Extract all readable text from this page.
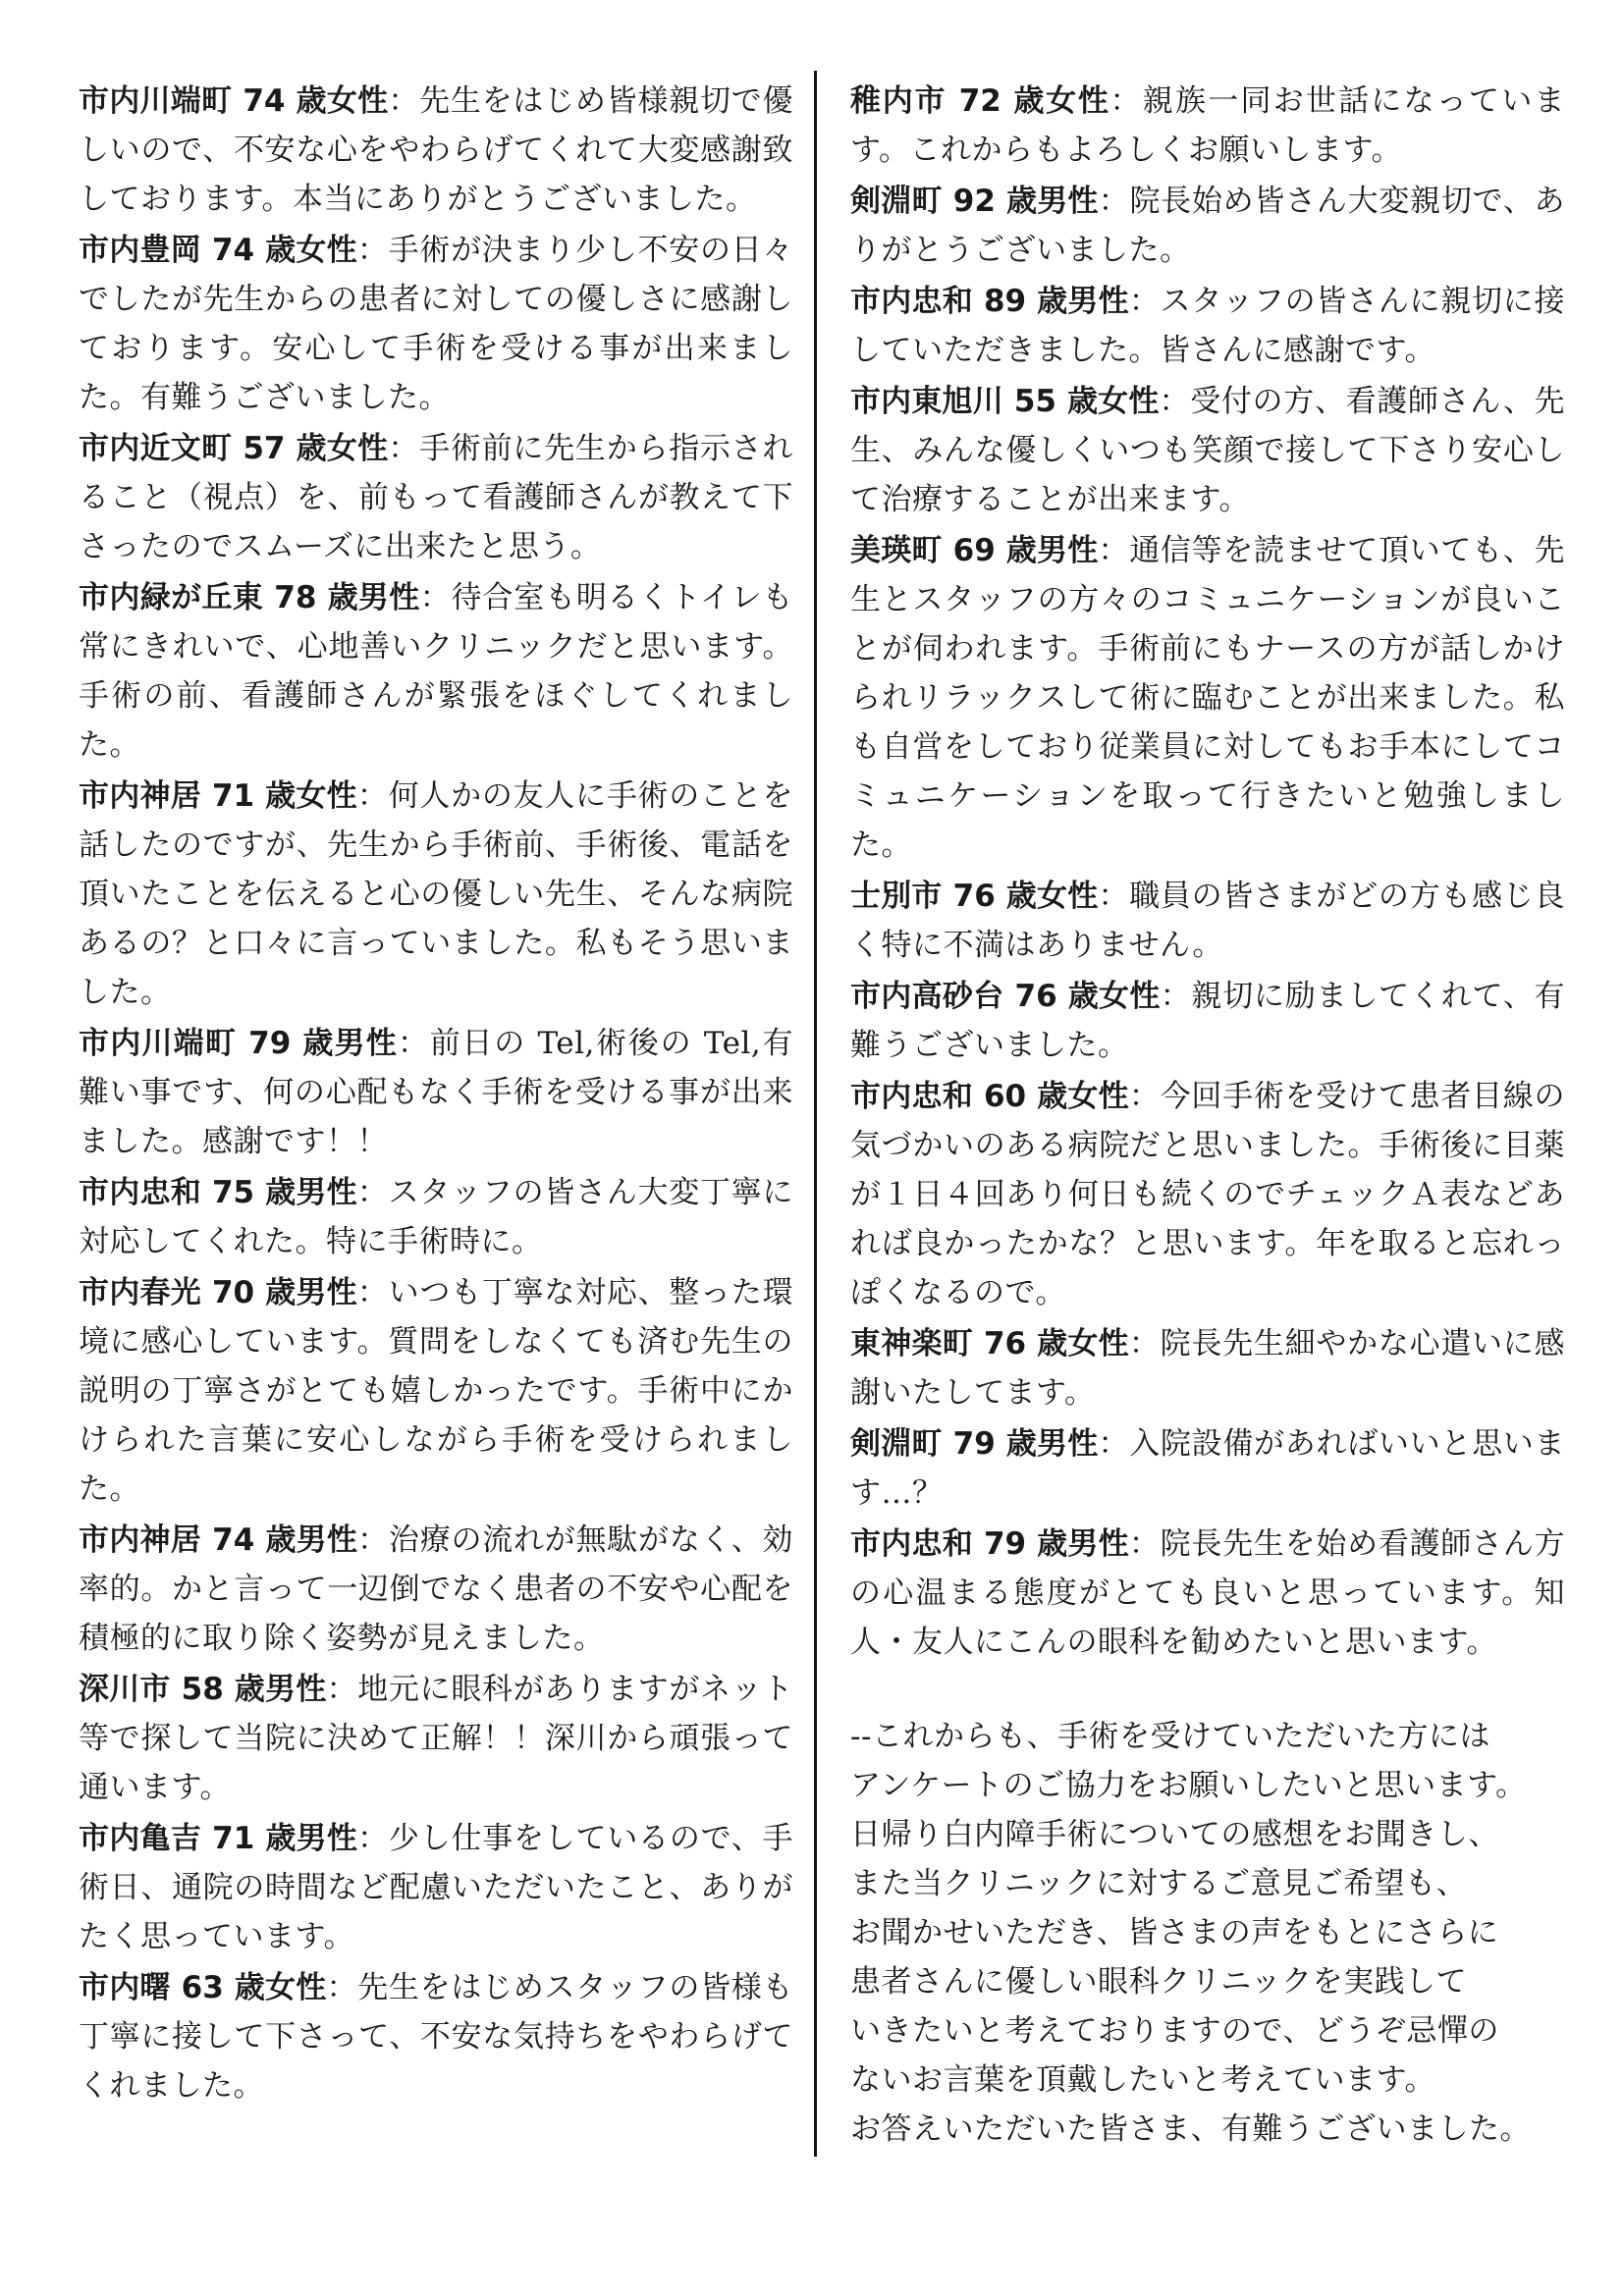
市内川端町 74 歳女性：先生をはじめ皆様親切で優しいので、不安な心をやわらげてくれて大変感謝致しております。本当にありがとうございました。

市内豊岡 74 歳女性：手術が決まり少し不安の日々でしたが先生からの患者に対しての優しさに感謝しております。安心して手術を受ける事が出来ました。有難うございました。

市内近文町 57 歳女性：手術前に先生から指示されること（視点）を、前もって看護師さんが教えて下さったのでスムーズに出来たと思う。

市内緑が丘東 78 歳男性：待合室も明るくトイレも常にきれいで、心地善いクリニックだと思います。手術の前、看護師さんが緊張をほぐしてくれました。

市内神居 71 歳女性：何人かの友人に手術のことを話したのですが、先生から手術前、手術後、電話を頂いたことを伝えると心の優しい先生、そんな病院あるの？と口々に言っていました。私もそう思いました。

市内川端町 79 歳男性：前日の Tel,術後の Tel,有難い事です、何の心配もなく手術を受ける事が出来ました。感謝です！！

市内忠和 75 歳男性：スタッフの皆さん大変丁寧に対応してくれた。特に手術時に。

市内春光 70 歳男性：いつも丁寧な対応、整った環境に感心しています。質問をしなくても済む先生の説明の丁寧さがとても嬉しかったです。手術中にかけられた言葉に安心しながら手術を受けられました。

市内神居 74 歳男性：治療の流れが無駄がなく、効率的。かと言って一辺倒でなく患者の不安や心配を積極的に取り除く姿勢が見えました。

深川市 58 歳男性：地元に眼科がありますがネット等で探して当院に決めて正解！！深川から頑張って通います。

市内亀吉 71 歳男性：少し仕事をしているので、手術日、通院の時間など配慮いただいたこと、ありがたく思っています。

市内曙 63 歳女性：先生をはじめスタッフの皆様も丁寧に接して下さって、不安な気持ちをやわらげてくれました。

稚内市 72 歳女性：親族一同お世話になっています。これからもよろしくお願いします。

剣淵町 92 歳男性：院長始め皆さん大変親切で、ありがとうございました。

市内忠和 89 歳男性：スタッフの皆さんに親切に接していただきました。皆さんに感謝です。

市内東旭川 55 歳女性：受付の方、看護師さん、先生、みんな優しくいつも笑顔で接して下さり安心して治療することが出来ます。

美瑛町 69 歳男性：通信等を読ませて頂いても、先生とスタッフの方々のコミュニケーションが良いことが伺われます。手術前にもナースの方が話しかけられリラックスして術に臨むことが出来ました。私も自営をしており従業員に対してもお手本にしてコミュニケーションを取って行きたいと勉強しました。

士別市 76 歳女性：職員の皆さまがどの方も感じ良く特に不満はありません。

市内高砂台 76 歳女性：親切に励ましてくれて、有難うございました。

市内忠和 60 歳女性：今回手術を受けて患者目線の気づかいのある病院だと思いました。手術後に目薬が１日４回あり何日も続くのでチェックＡ表などあれば良かったかな？と思います。年を取ると忘れっぽくなるので。

東神楽町 76 歳女性：院長先生細やかな心遣いに感謝いたしてます。

剣淵町 79 歳男性：入院設備があればいいと思います…？

市内忠和 79 歳男性：院長先生を始め看護師さん方の心温まる態度がとても良いと思っています。知人・友人にこんの眼科を勧めたいと思います。

--これからも、手術を受けていただいた方には

アンケートのご協力をお願いしたいと思います。

日帰り白内障手術についての感想をお聞きし、

また当クリニックに対するご意見ご希望も、

お聞かせいただき、皆さまの声をもとにさらに

患者さんに優しい眼科クリニックを実践して

いきたいと考えておりますので、どうぞ忌憚の

ないお言葉を頂戴したいと考えています。

お答えいただいた皆さま、有難うございました。
